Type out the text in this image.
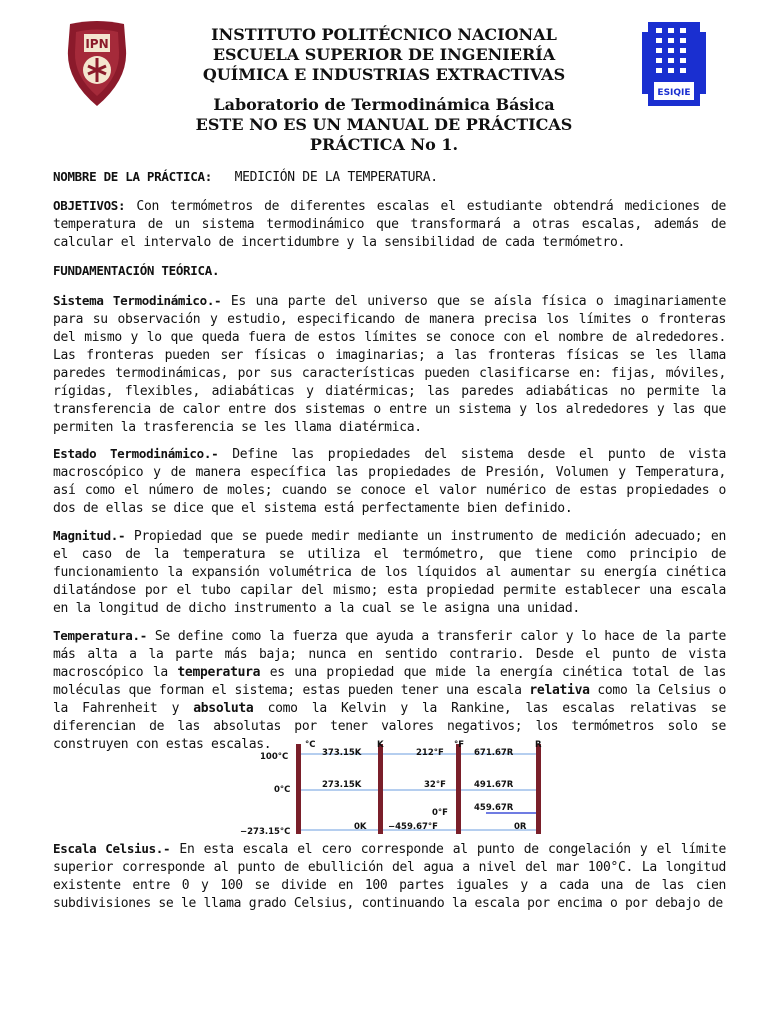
IPN
ESIQIE
INSTITUTO POLITÉCNICO NACIONAL
ESCUELA SUPERIOR DE INGENIERÍA
QUÍMICA E INDUSTRIAS EXTRACTIVAS
Laboratorio de Termodinámica Básica
ESTE NO ES UN MANUAL DE PRÁCTICAS
PRÁCTICA No 1.
NOMBRE DE LA PRÁCTICA: MEDICIÓN DE LA TEMPERATURA.
OBJETIVOS: Con termómetros de diferentes escalas el estudiante obtendrá mediciones de temperatura de un sistema termodinámico que transformará a otras escalas, además de calcular el intervalo de incertidumbre y la sensibilidad de cada termómetro.
FUNDAMENTACIÓN TEÓRICA.
Sistema Termodinámico.- Es una parte del universo que se aísla física o imaginariamente para su observación y estudio, especificando de manera precisa los límites o fronteras del mismo y lo que queda fuera de estos límites se conoce con el nombre de alrededores. Las fronteras pueden ser físicas o imaginarias; a las fronteras físicas se les llama paredes termodinámicas, por sus características pueden clasificarse en: fijas, móviles, rígidas, flexibles, adiabáticas y diatérmicas; las paredes adiabáticas no permite la transferencia de calor entre dos sistemas o entre un sistema y los alrededores y las que permiten la trasferencia se les llama diatérmica.
Estado Termodinámico.- Define las propiedades del sistema desde el punto de vista macroscópico y de manera específica las propiedades de Presión, Volumen y Temperatura, así como el número de moles; cuando se conoce el valor numérico de estas propiedades o dos de ellas se dice que el sistema está perfectamente bien definido.
Magnitud.- Propiedad que se puede medir mediante un instrumento de medición adecuado; en el caso de la temperatura se utiliza el termómetro, que tiene como principio de funcionamiento la expansión volumétrica de los líquidos al aumentar su energía cinética dilatándose por el tubo capilar del mismo; esta propiedad permite establecer una escala en la longitud de dicho instrumento a la cual se le asigna una unidad.
Temperatura.- Se define como la fuerza que ayuda a transferir calor y lo hace de la parte más alta a la parte más baja; nunca en sentido contrario. Desde el punto de vista macroscópico la temperatura es una propiedad que mide la energía cinética total de las moléculas que forman el sistema; estas pueden tener una escala relativa como la Celsius o la Fahrenheit y absoluta como la Kelvin y la Rankine, las escalas relativas se diferencian de las absolutas por tener valores negativos; los termómetros solo se construyen con estas escalas.	°C	K	°F	R
100°C	373.15K	212°F	671.67R
0°C	273.15K	32°F	491.67R
0°F	459.67R
−273.15°C	0K	−459.67°F	0R
Escala Celsius.- En esta escala el cero corresponde al punto de congelación y el límite superior corresponde al punto de ebullición del agua a nivel del mar 100°C. La longitud existente entre 0 y 100 se divide en 100 partes iguales y a cada una de las cien subdivisiones se le llama grado Celsius, continuando la escala por encima o por debajo de
